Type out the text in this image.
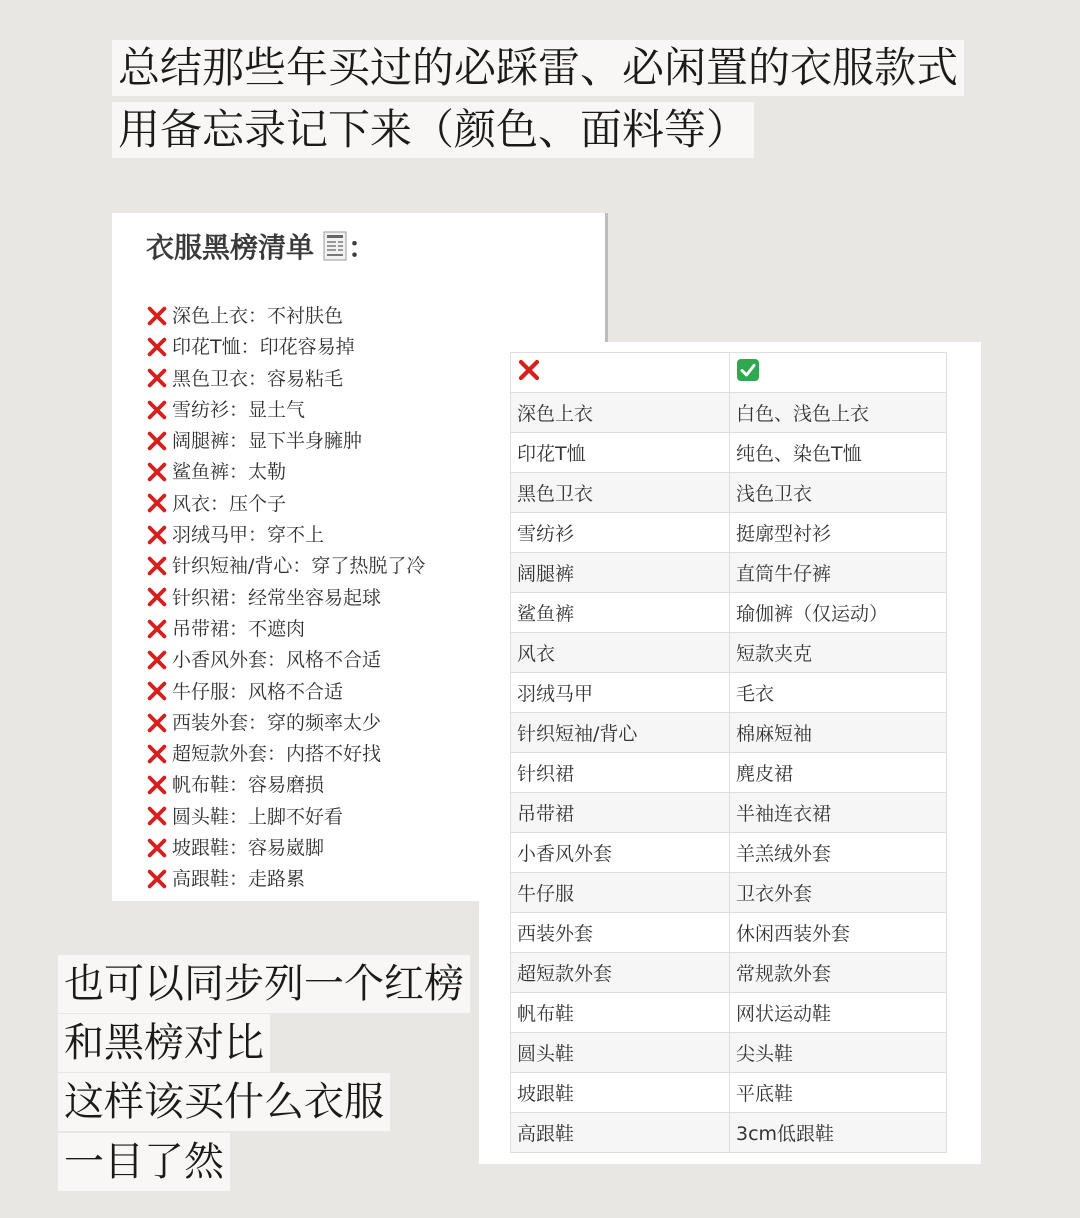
总结那些年买过的必踩雷、必闲置的衣服款式
用备忘录记下来（颜色、面料等）
衣服黑榜清单 ：
深色上衣：不衬肤色
印花T恤：印花容易掉
黑色卫衣：容易粘毛
雪纺衫：显土气
阔腿裤：显下半身臃肿
鲨鱼裤：太勒
风衣：压个子
羽绒马甲：穿不上
针织短袖/背心：穿了热脱了冷
针织裙：经常坐容易起球
吊带裙：不遮肉
小香风外套：风格不合适
牛仔服：风格不合适
西装外套：穿的频率太少
超短款外套：内搭不好找
帆布鞋：容易磨损
圆头鞋：上脚不好看
坡跟鞋：容易崴脚
高跟鞋：走路累

深色上衣	白色、浅色上衣
印花T恤	纯色、染色T恤
黑色卫衣	浅色卫衣
雪纺衫	挺廓型衬衫
阔腿裤	直筒牛仔裤
鲨鱼裤	瑜伽裤（仅运动）
风衣	短款夹克
羽绒马甲	毛衣
针织短袖/背心	棉麻短袖
针织裙	麂皮裙
吊带裙	半袖连衣裙
小香风外套	羊羔绒外套
牛仔服	卫衣外套
西装外套	休闲西装外套
超短款外套	常规款外套
帆布鞋	网状运动鞋
圆头鞋	尖头鞋
坡跟鞋	平底鞋
高跟鞋	3cm低跟鞋
也可以同步列一个红榜
和黑榜对比
这样该买什么衣服
一目了然
